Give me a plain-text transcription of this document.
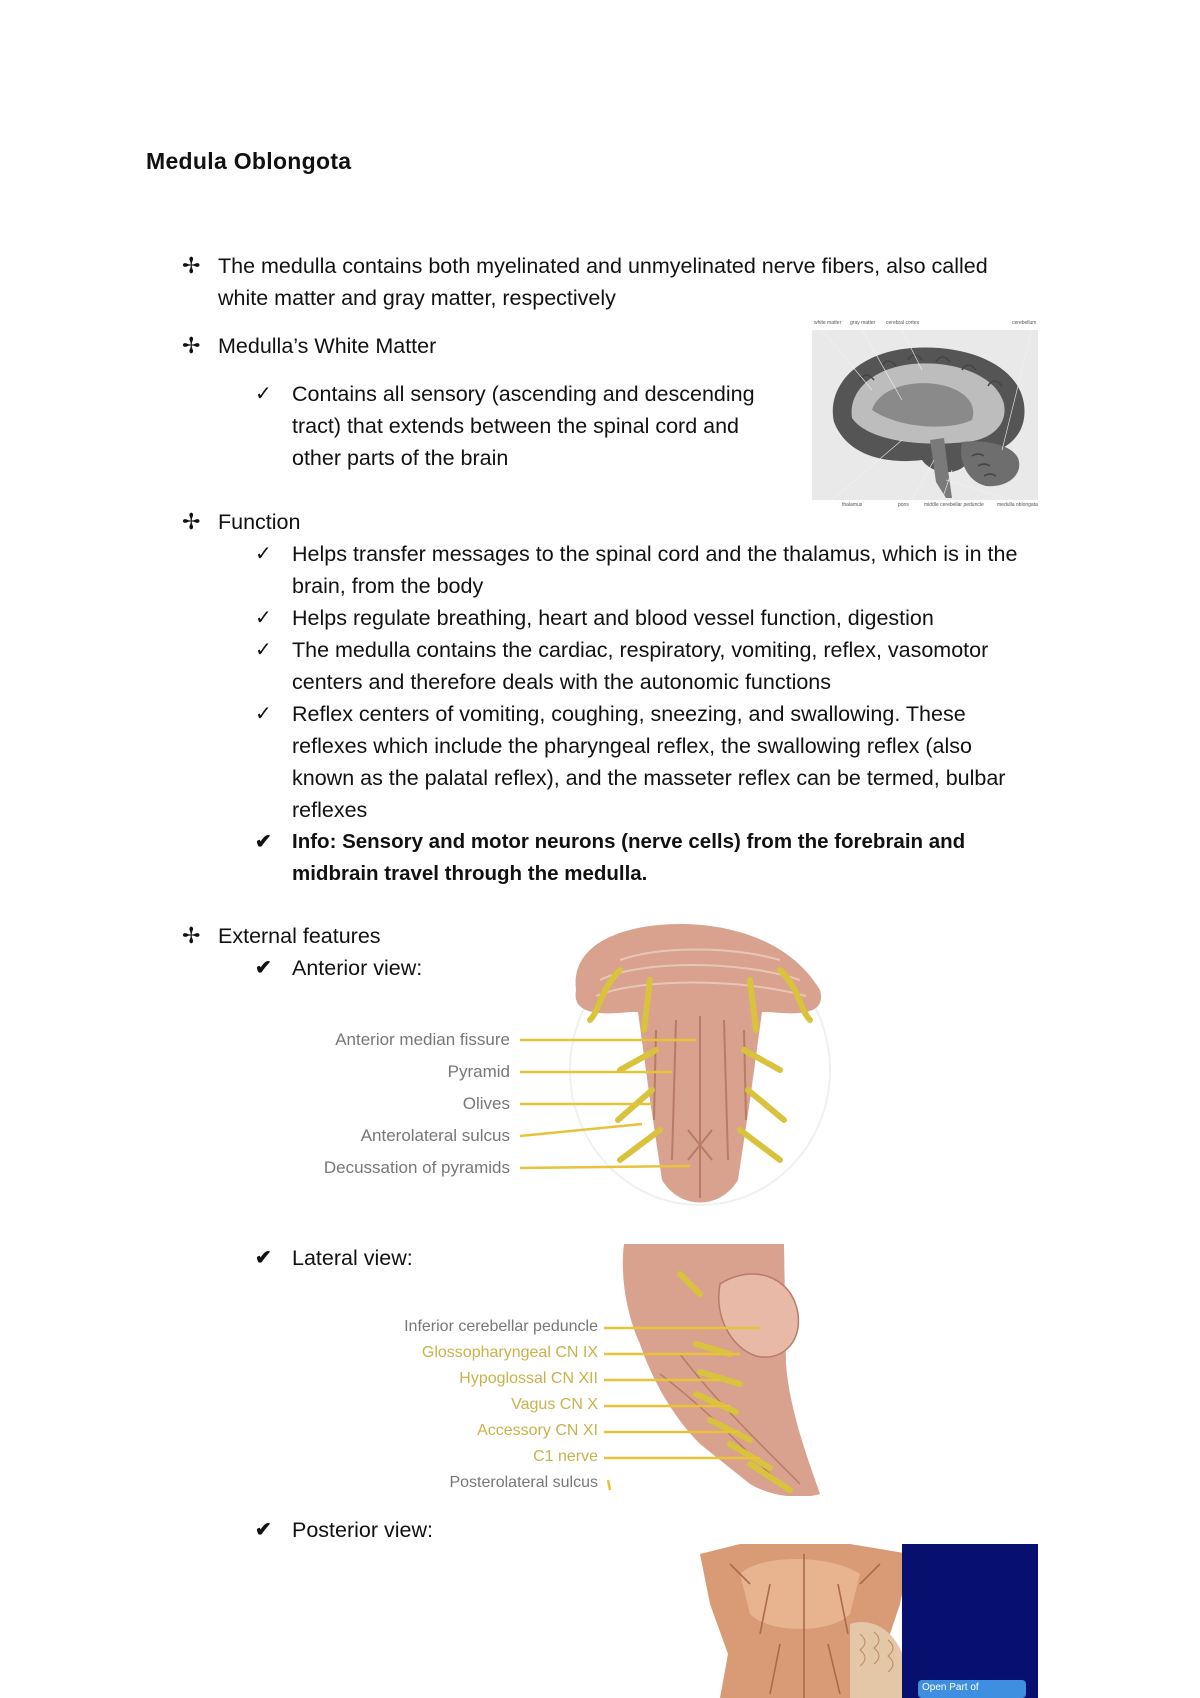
Medula Oblongota
✢ The medulla contains both myelinated and unmyelinated nerve fibers, also called
white matter and gray matter, respectively
✢ Medulla’s White Matter
✓ Contains all sensory (ascending and descending
tract) that extends between the spinal cord and
other parts of the brain
white matter gray matter cerebral cortex	cerebellum
thalamus	pons	middle cerebellar peduncle	medulla oblongata
✢ Function
✓ Helps transfer messages to the spinal cord and the thalamus, which is in the
brain, from the body
✓ Helps regulate breathing, heart and blood vessel function, digestion
✓ The medulla contains the cardiac, respiratory, vomiting, reflex, vasomotor
centers and therefore deals with the autonomic functions
✓ Reflex centers of vomiting, coughing, sneezing, and swallowing. These
reflexes which include the pharyngeal reflex, the swallowing reflex (also
known as the palatal reflex), and the masseter reflex can be termed, bulbar
reflexes
✔ Info: Sensory and motor neurons (nerve cells) from the forebrain and
midbrain travel through the medulla.
✢ External features
✔ Anterior view:
Anterior median fissure
Pyramid
Olives
Anterolateral sulcus
Decussation of pyramids
✔ Lateral view:
Inferior cerebellar peduncle
Glossopharyngeal CN IX
Hypoglossal CN XII
Vagus CN X
Accessory CN XI
C1 nerve
Posterolateral sulcus
✔ Posterior view:
Open Part of
